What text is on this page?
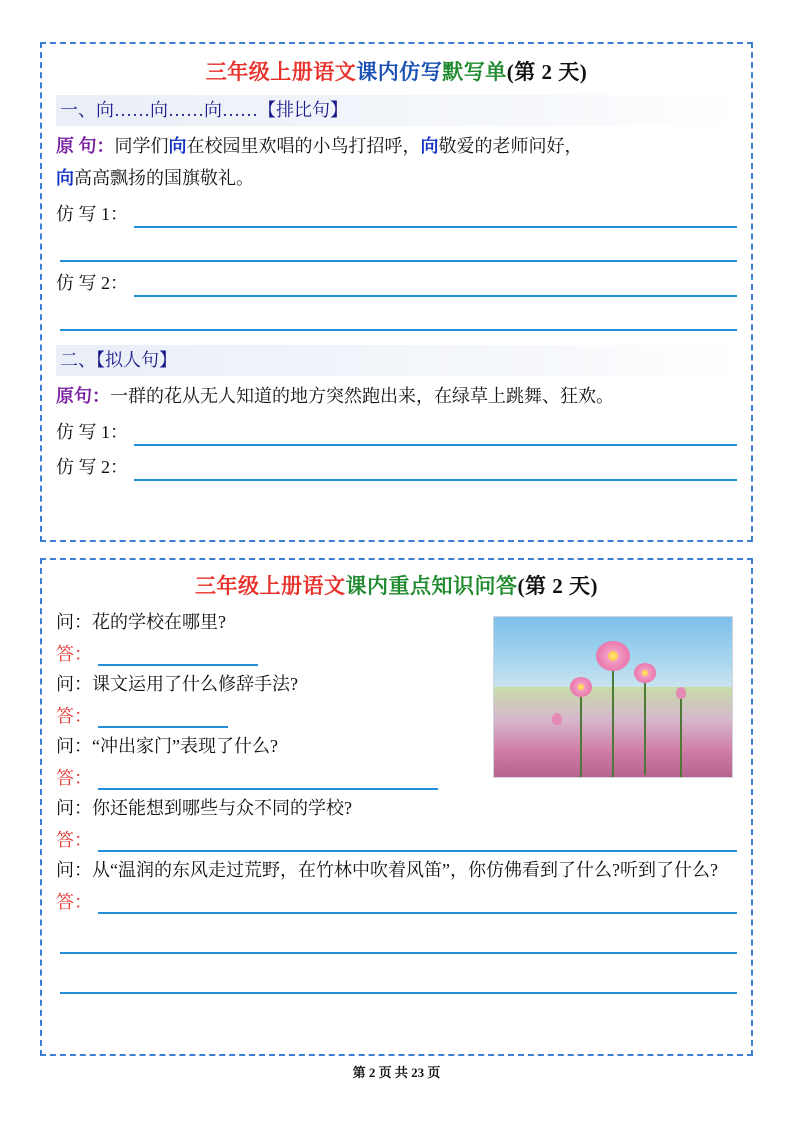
三年级上册语文课内仿写默写单(第 2 天)
一、向……向……向……【排比句】
原 句：同学们向在校园里欢唱的小鸟打招呼，向敬爱的老师问好，
向高高飘扬的国旗敬礼。
仿 写 1：
仿 写 2：
二、【拟人句】
原句：一群的花从无人知道的地方突然跑出来，在绿草上跳舞、狂欢。
仿 写 1：
仿 写 2：
三年级上册语文课内重点知识问答(第 2 天)
问：花的学校在哪里?
答：
问：课文运用了什么修辞手法?
答：
问：“冲出家门”表现了什么?
答：
问：你还能想到哪些与众不同的学校?
答：
问：从“温润的东风走过荒野，在竹林中吹着风笛”，你仿佛看到了什么?听到了什么?
答：
第 2 页 共 23 页
